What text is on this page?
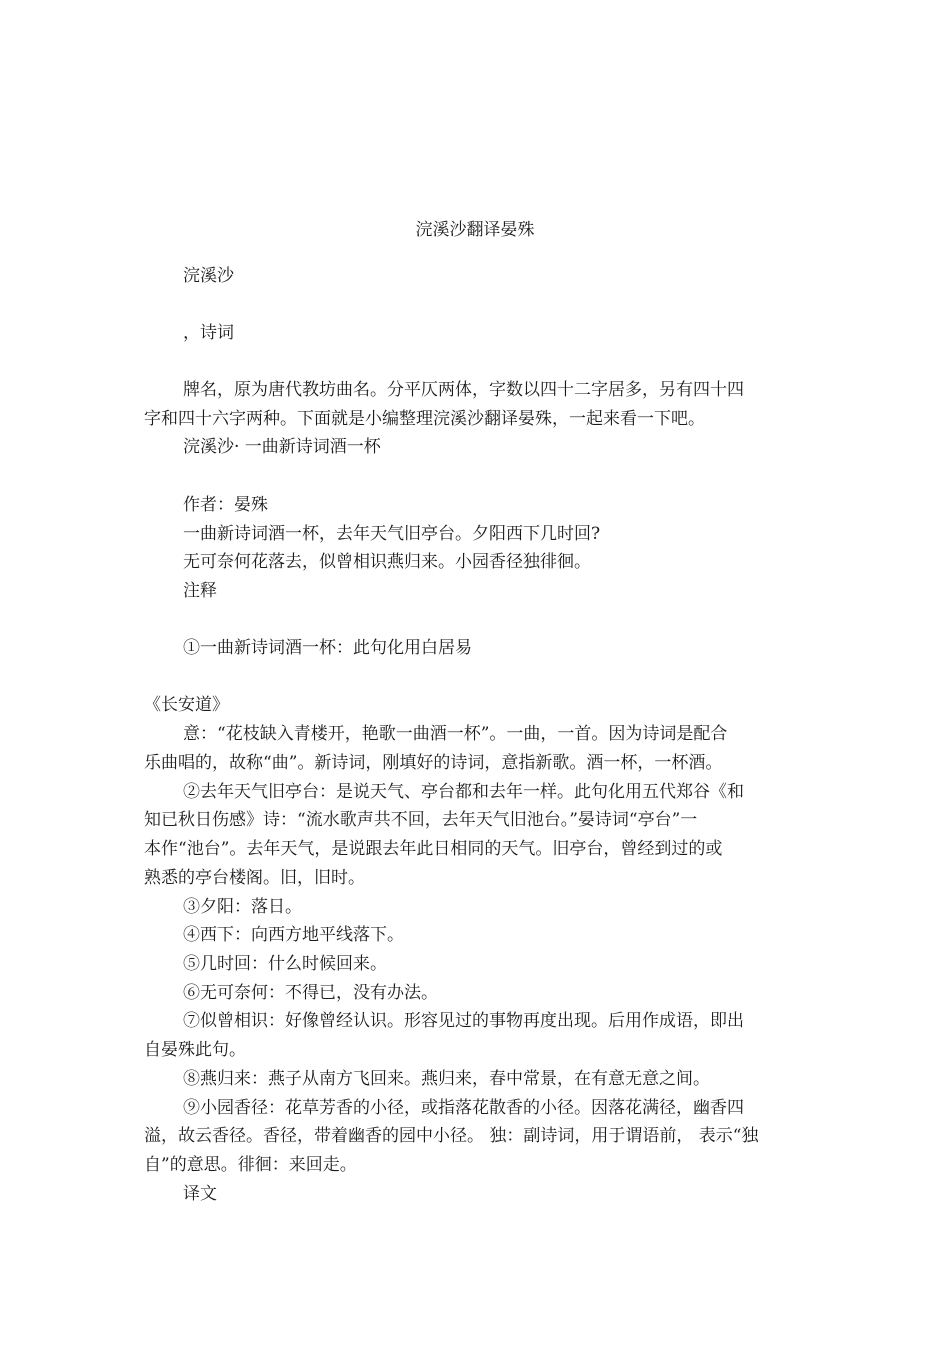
浣溪沙翻译晏殊

浣溪沙

，诗词

牌名，原为唐代教坊曲名。分平仄两体，字数以四十二字居多，另有四十四

字和四十六字两种。下面就是小编整理浣溪沙翻译晏殊，一起来看一下吧。

浣溪沙· 一曲新诗词酒一杯

作者：晏殊

一曲新诗词酒一杯，去年天气旧亭台。夕阳西下几时回?

无可奈何花落去，似曾相识燕归来。小园香径独徘徊。

注释

①一曲新诗词酒一杯：此句化用白居易

《长安道》

意：“花枝缺入青楼开，艳歌一曲酒一杯”。一曲，一首。因为诗词是配合

乐曲唱的，故称“曲”。新诗词，刚填好的诗词，意指新歌。酒一杯，一杯酒。

②去年天气旧亭台：是说天气、亭台都和去年一样。此句化用五代郑谷《和

知已秋日伤感》诗：“流水歌声共不回，去年天气旧池台。”晏诗词“亭台”一

本作“池台”。去年天气，是说跟去年此日相同的天气。旧亭台，曾经到过的或

熟悉的亭台楼阁。旧，旧时。

③夕阳：落日。

④西下：向西方地平线落下。

⑤几时回：什么时候回来。

⑥无可奈何：不得已，没有办法。

⑦似曾相识：好像曾经认识。形容见过的事物再度出现。后用作成语，即出

自晏殊此句。

⑧燕归来：燕子从南方飞回来。燕归来，春中常景，在有意无意之间。

⑨小园香径：花草芳香的小径，或指落花散香的小径。因落花满径，幽香四

溢，故云香径。香径，带着幽香的园中小径。 独：副诗词，用于谓语前， 表示“独

自”的意思。徘徊：来回走。

译文
